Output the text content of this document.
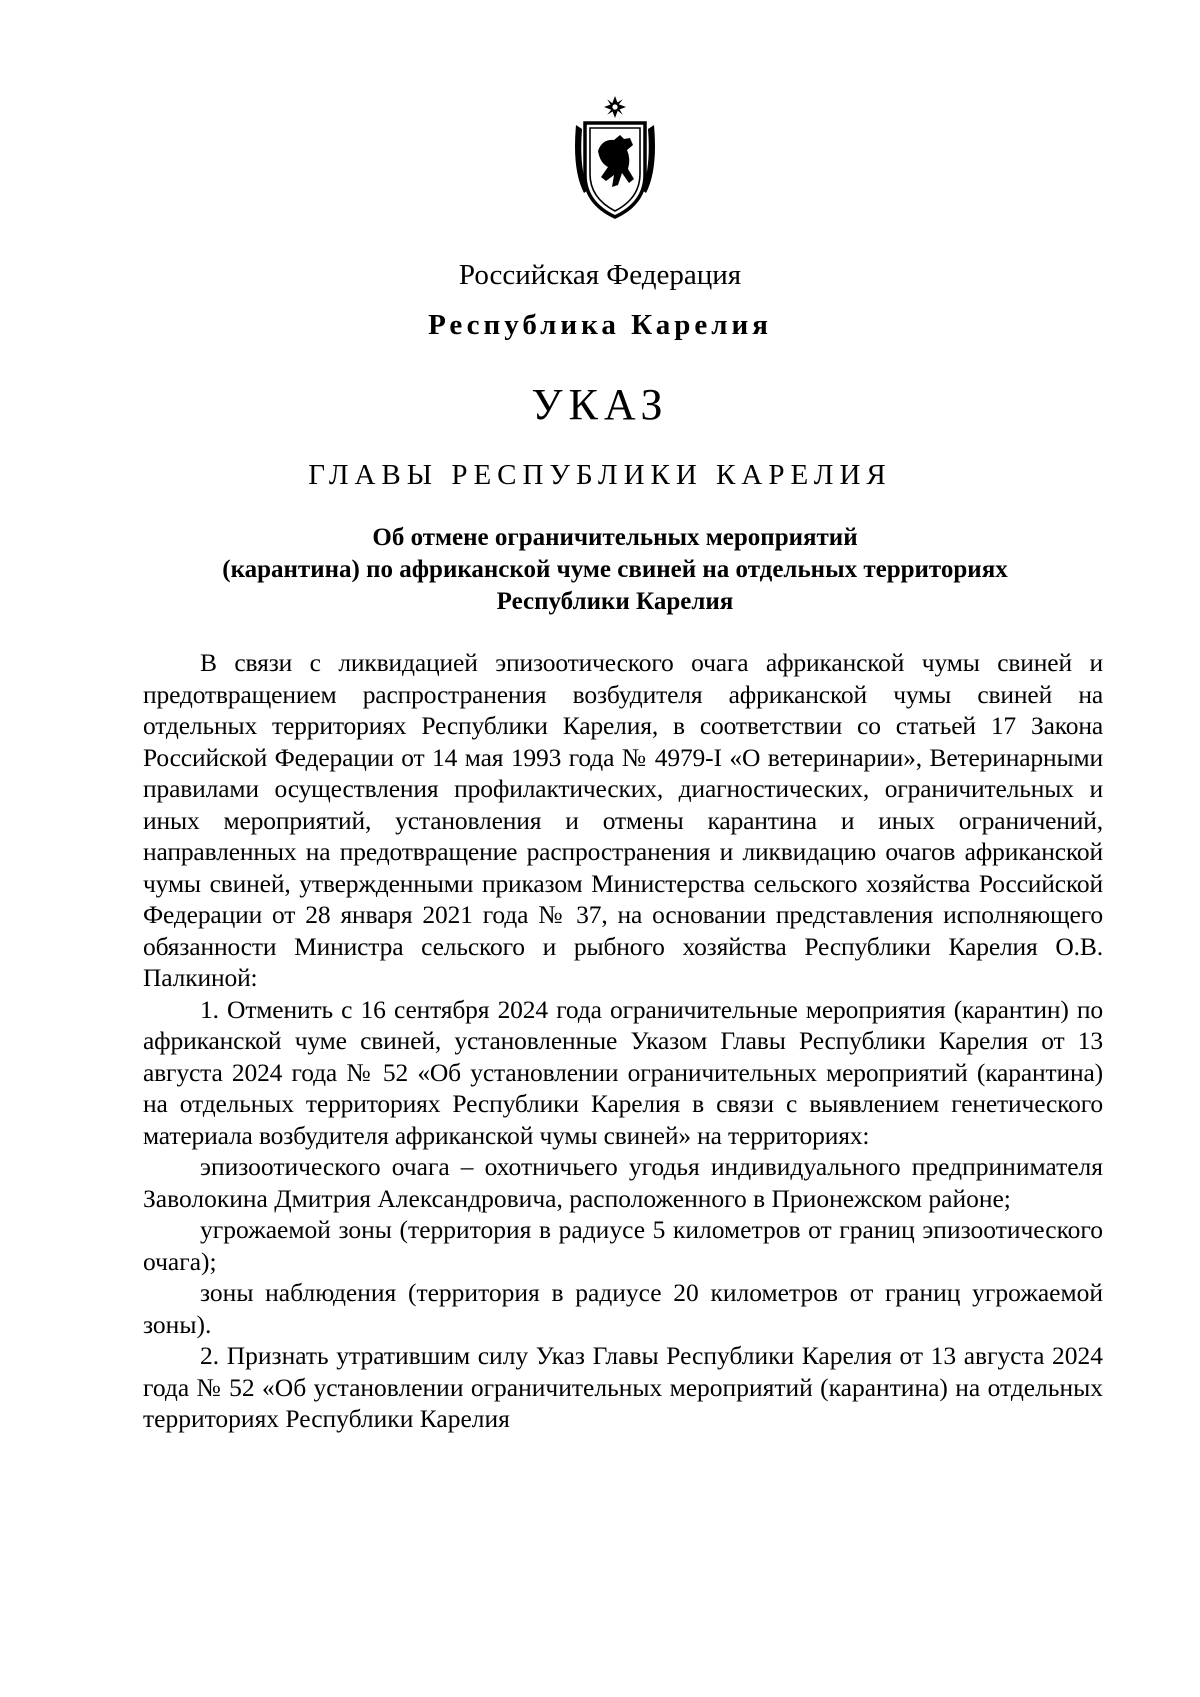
Российская Федерация
Республика Карелия
УКАЗ
ГЛАВЫ РЕСПУБЛИКИ КАРЕЛИЯ
Об отмене ограничительных мероприятий
(карантина) по африканской чуме свиней на отдельных территориях
Республики Карелия

В связи с ликвидацией эпизоотического очага африканской чумы свиней и предотвращением распространения возбудителя африканской чумы свиней на отдельных территориях Республики Карелия, в соответствии со статьей 17 Закона Российской Федерации от 14 мая 1993 года № 4979-I «О ветеринарии», Ветеринарными правилами осуществления профилактических, диагностических, ограничительных и иных мероприятий, установления и отмены карантина и иных ограничений, направленных на предотвращение распространения и ликвидацию очагов африканской чумы свиней, утвержденными приказом Министерства сельского хозяйства Российской Федерации от 28 января 2021 года № 37, на основании представления исполняющего обязанности Министра сельского и рыбного хозяйства Республики Карелия О.В. Палкиной:

1. Отменить с 16 сентября 2024 года ограничительные мероприятия (карантин) по африканской чуме свиней, установленные Указом Главы Республики Карелия от 13 августа 2024 года № 52 «Об установлении ограничительных мероприятий (карантина) на отдельных территориях Республики Карелия в связи с выявлением генетического материала возбудителя африканской чумы свиней» на территориях:

эпизоотического очага – охотничьего угодья индивидуального предпринимателя Заволокина Дмитрия Александровича, расположенного в Прионежском районе;

угрожаемой зоны (территория в радиусе 5 километров от границ эпизоотического очага);

зоны наблюдения (территория в радиусе 20 километров от границ угрожаемой зоны).

2. Признать утратившим силу Указ Главы Республики Карелия от 13 августа 2024 года № 52 «Об установлении ограничительных мероприятий (карантина) на отдельных территориях Республики Карелия
